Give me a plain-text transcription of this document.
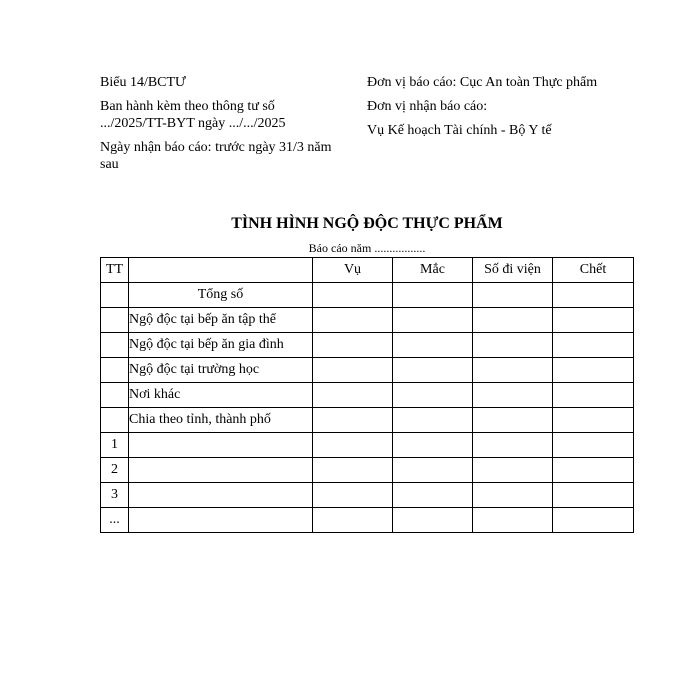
Biểu 14/BCTƯ

Ban hành kèm theo thông tư số

.../2025/TT-BYT ngày .../.../2025

Ngày nhận báo cáo: trước ngày 31/3 năm

sau

Đơn vị báo cáo: Cục An toàn Thực phẩm

Đơn vị nhận báo cáo:

Vụ Kế hoạch Tài chính - Bộ Y tế

TÌNH HÌNH NGỘ ĐỘC THỰC PHẨM
Báo cáo năm .................
TT		Vụ	Mắc	Số đi viện	Chết
	Tổng số				
	Ngộ độc tại bếp ăn tập thể				
	Ngộ độc tại bếp ăn gia đình				
	Ngộ độc tại trường học				
	Nơi khác				
	Chia theo tỉnh, thành phố				
1					
2					
3					
...					
